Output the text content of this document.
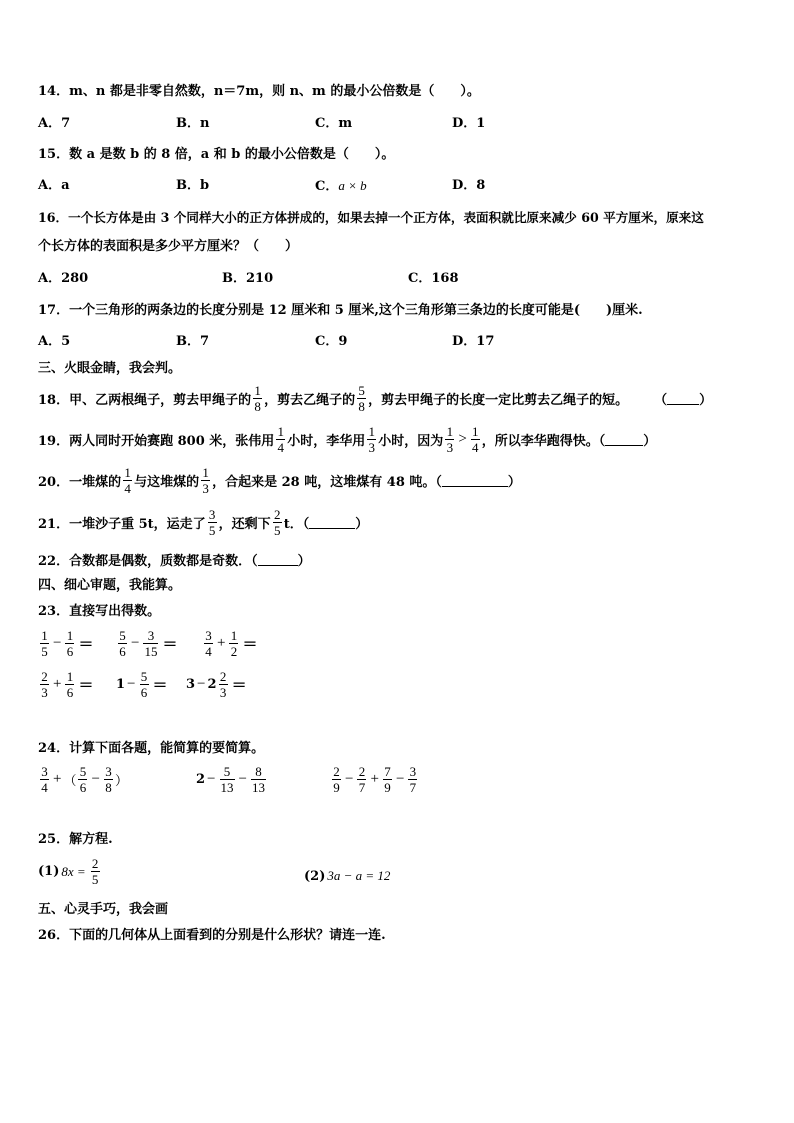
14．m、n 都是非零自然数，n＝7m，则 n、m 的最小公倍数是（　　）。
A．7	B．n	C．m	D．1
15．数 a 是数 b 的 8 倍，a 和 b 的最小公倍数是（　　）。
A．a	B．b	C．a × b	D．8
16．一个长方体是由 3 个同样大小的正方体拼成的，如果去掉一个正方体，表面积就比原来减少 60 平方厘米，原来这
个长方体的表面积是多少平方厘米？（　　）
A．280	B．210	C．168
17．一个三角形的两条边的长度分别是 12 厘米和 5 厘米,这个三角形第三条边的长度可能是(　　)厘米.
A．5	B．7	C．9	D．17
三、火眼金睛，我会判。
18．甲、乙两根绳子，剪去甲绳子的 $\frac{1}{8}$ ，剪去乙绳子的 $\frac{5}{8}$ ，剪去甲绳子的长度一定比剪去乙绳子的短。 （ ）
19．两人同时开始赛跑 800 米，张伟用 $\frac{1}{4}$ 小时，李华用 $\frac{1}{3}$ 小时，因为 $\frac{1}{3} > \frac{1}{4}$ ，所以李华跑得快。（	）
20．一堆煤的 $\frac{1}{4}$ 与这堆煤的 $\frac{1}{3}$ ，合起来是 28 吨，这堆煤有 48 吨。（	）
21．一堆沙子重 5t，运走了 $\frac{3}{5}$ ，还剩下 $\frac{2}{5}$ t．（	）
22．合数都是偶数，质数都是奇数．（	）
四、细心审题，我能算。
23．直接写出得数。
$\frac{1}{5} - \frac{1}{6} = \frac{5}{6} - \frac{3}{15} = \frac{3}{4} + \frac{1}{2}$ ＝
$\frac{2}{3} + \frac{1}{6} = 1 - \frac{5}{6} = 3 - 2 \frac{2}{3}$ ＝
24．计算下面各题，能简算的要简算。
$\frac{3}{4}$ + （ $\frac{5}{6} - \frac{3}{8}$ ）	$2 - \frac{5}{13} - \frac{8}{13}$	$\frac{2}{9} - \frac{2}{7} + \frac{7}{9} - \frac{3}{7}$
25．解方程.
(1) $8x = \frac{2}{5}$	(2) 3a − a = 12
五、心灵手巧，我会画
26．下面的几何体从上面看到的分别是什么形状？请连一连.
